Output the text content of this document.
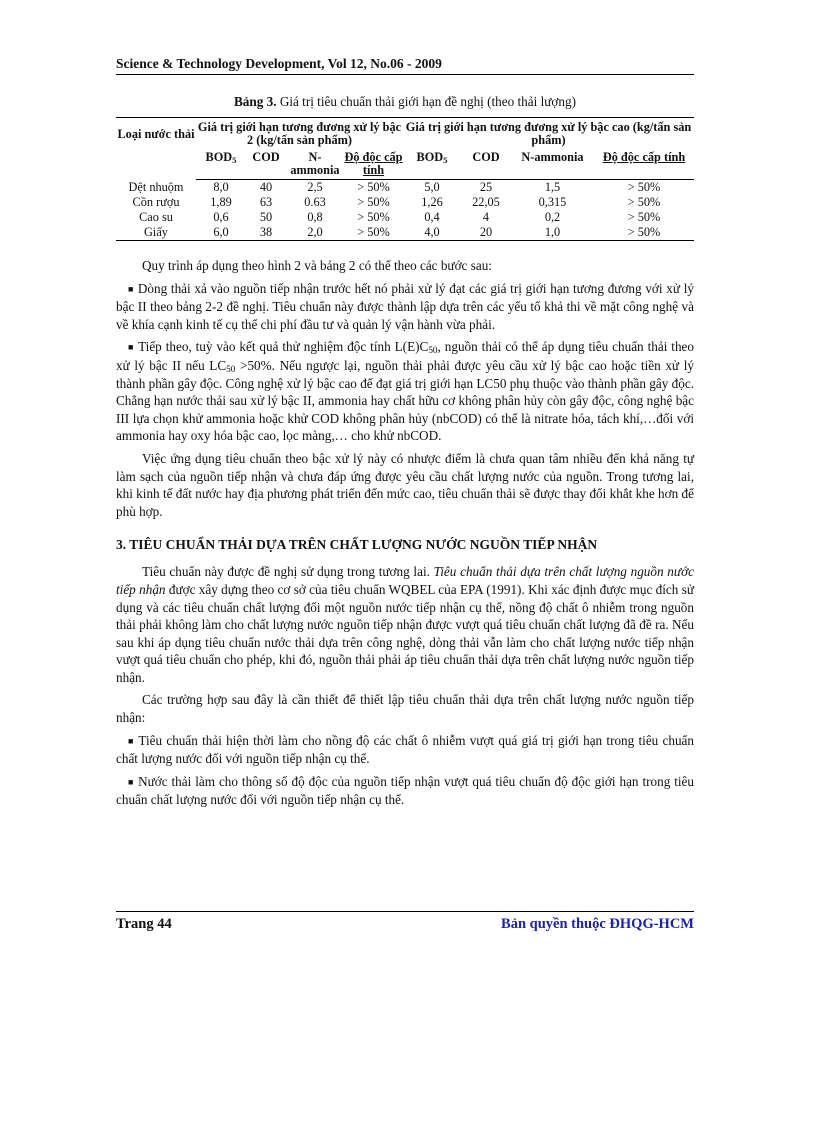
Science & Technology Development, Vol 12, No.06 - 2009
Bảng 3. Giá trị tiêu chuẩn thải giới hạn đề nghị (theo thải lượng)
Loại nước thải	Giá trị giới hạn tương đương xử lý bậc 2 (kg/tấn sản phẩm)				Giá trị giới hạn tương đương xử lý bậc cao (kg/tấn sản phẩm)			
	$BOD_5$	COD	N-ammonia	Độ độc cấp tính	$BOD_5$	COD	N-ammonia	Độ độc cấp tính
Dệt nhuộm	8,0	40	2,5	> 50%	5,0	25	1,5	> 50%
Cồn rượu	1,89	63	0.63	> 50%	1,26	22,05	0,315	> 50%
Cao su	0,6	50	0,8	> 50%	0,4	4	0,2	> 50%
Giấy	6,0	38	2,0	> 50%	4,0	20	1,0	> 50%

Quy trình áp dụng theo hình 2 và bảng 2 có thể theo các bước sau:

■ Dòng thải xả vào nguồn tiếp nhận trước hết nó phải xử lý đạt các giá trị giới hạn tương đương với xử lý bậc II theo bảng 2-2 đề nghị. Tiêu chuẩn này được thành lập dựa trên các yếu tố khả thi về mặt công nghệ và về khía cạnh kinh tế cụ thể chi phí đầu tư và quản lý vận hành vừa phải.

■ Tiếp theo, tuỳ vào kết quả thử nghiệm độc tính $L(E)C_{50}$, nguồn thải có thể áp dụng tiêu chuẩn thải theo xử lý bậc II nếu $LC_{50} >50\%$. Nếu ngược lại, nguồn thải phải được yêu cầu xử lý bậc cao hoặc tiền xử lý thành phần gây độc. Công nghệ xử lý bậc cao để đạt giá trị giới hạn LC50 phụ thuộc vào thành phần gây độc. Chẳng hạn nước thải sau xử lý bậc II, ammonia hay chất hữu cơ không phân hủy còn gây độc, công nghệ bậc III lựa chọn khử ammonia hoặc khử COD không phân hủy (nbCOD) có thể là nitrate hóa, tách khí,…đối với ammonia hay oxy hóa bậc cao, lọc màng,… cho khử nbCOD.

Việc ứng dụng tiêu chuẩn theo bậc xử lý này có nhược điểm là chưa quan tâm nhiều đến khả năng tự làm sạch của nguồn tiếp nhận và chưa đáp ứng được yêu cầu chất lượng nước của nguồn. Trong tương lai, khi kinh tế đất nước hay địa phương phát triển đến mức cao, tiêu chuẩn thải sẽ được thay đổi khắt khe hơn để phù hợp.

3. TIÊU CHUẨN THẢI DỰA TRÊN CHẤT LƯỢNG NƯỚC NGUỒN TIẾP NHẬN

Tiêu chuẩn này được đề nghị sử dụng trong tương lai. Tiêu chuẩn thải dựa trên chất lượng nguồn nước tiếp nhận được xây dựng theo cơ sở của tiêu chuẩn WQBEL của EPA (1991). Khi xác định được mục đích sử dụng và các tiêu chuẩn chất lượng đối một nguồn nước tiếp nhận cụ thể, nồng độ chất ô nhiễm trong nguồn thải phải không làm cho chất lượng nước nguồn tiếp nhận được vượt quá tiêu chuẩn chất lượng đã đề ra. Nếu sau khi áp dụng tiêu chuẩn nước thải dựa trên công nghệ, dòng thải vẫn làm cho chất lượng nước tiếp nhận vượt quá tiêu chuẩn cho phép, khi đó, nguồn thải phải áp tiêu chuẩn thải dựa trên chất lượng nước nguồn tiếp nhận.

Các trường hợp sau đây là cần thiết để thiết lập tiêu chuẩn thải dựa trên chất lượng nước nguồn tiếp nhận:

■ Tiêu chuẩn thải hiện thời làm cho nồng độ các chất ô nhiễm vượt quá giá trị giới hạn trong tiêu chuẩn chất lượng nước đối với nguồn tiếp nhận cụ thể.

■ Nước thải làm cho thông số độ độc của nguồn tiếp nhận vượt quá tiêu chuẩn độ độc giới hạn trong tiêu chuẩn chất lượng nước đối với nguồn tiếp nhận cụ thể.

Trang 44	Bản quyền thuộc ĐHQG-HCM
